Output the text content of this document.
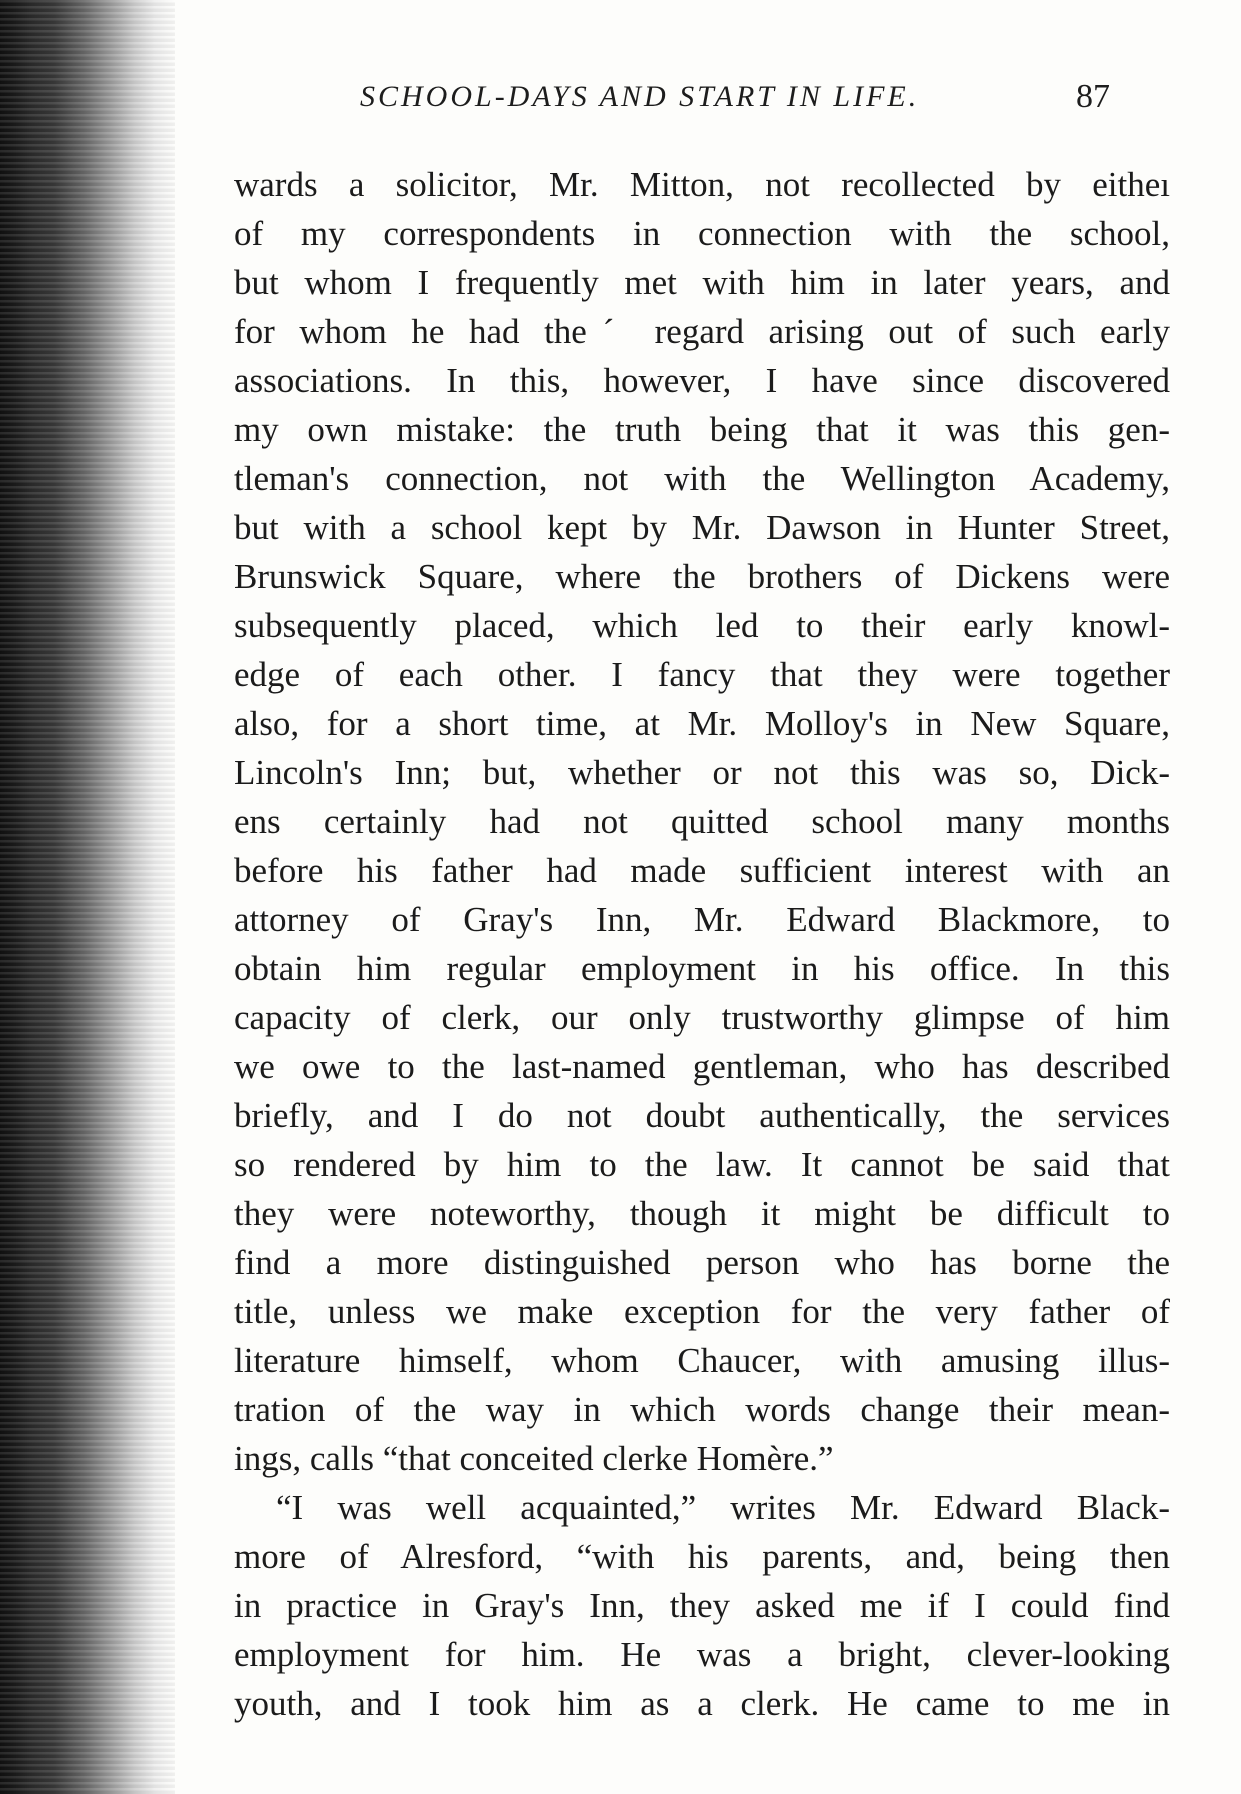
SCHOOL-DAYS AND START IN LIFE.	87
wards a solicitor, Mr. Mitton, not recollected by eitheı
of my correspondents in connection with the school,
but whom I frequently met with him in later years, and
for whom he had theˊ regard arising out of such early
associations. In this, however, I have since discovered
my own mistake: the truth being that it was this gen-
tleman's connection, not with the Wellington Academy,
but with a school kept by Mr. Dawson in Hunter Street,
Brunswick Square, where the brothers of Dickens were
subsequently placed, which led to their early knowl-
edge of each other. I fancy that they were together
also, for a short time, at Mr. Molloy's in New Square,
Lincoln's Inn; but, whether or not this was so, Dick-
ens certainly had not quitted school many months
before his father had made sufficient interest with an
attorney of Gray's Inn, Mr. Edward Blackmore, to
obtain him regular employment in his office. In this
capacity of clerk, our only trustworthy glimpse of him
we owe to the last-named gentleman, who has described
briefly, and I do not doubt authentically, the services
so rendered by him to the law. It cannot be said that
they were noteworthy, though it might be difficult to
find a more distinguished person who has borne the
title, unless we make exception for the very father of
literature himself, whom Chaucer, with amusing illus-
tration of the way in which words change their mean-
ings, calls “that conceited clerke Homère.”
“I was well acquainted,” writes Mr. Edward Black-
more of Alresford, “with his parents, and, being then
in practice in Gray's Inn, they asked me if I could find
employment for him. He was a bright, clever-looking
youth, and I took him as a clerk. He came to me in
